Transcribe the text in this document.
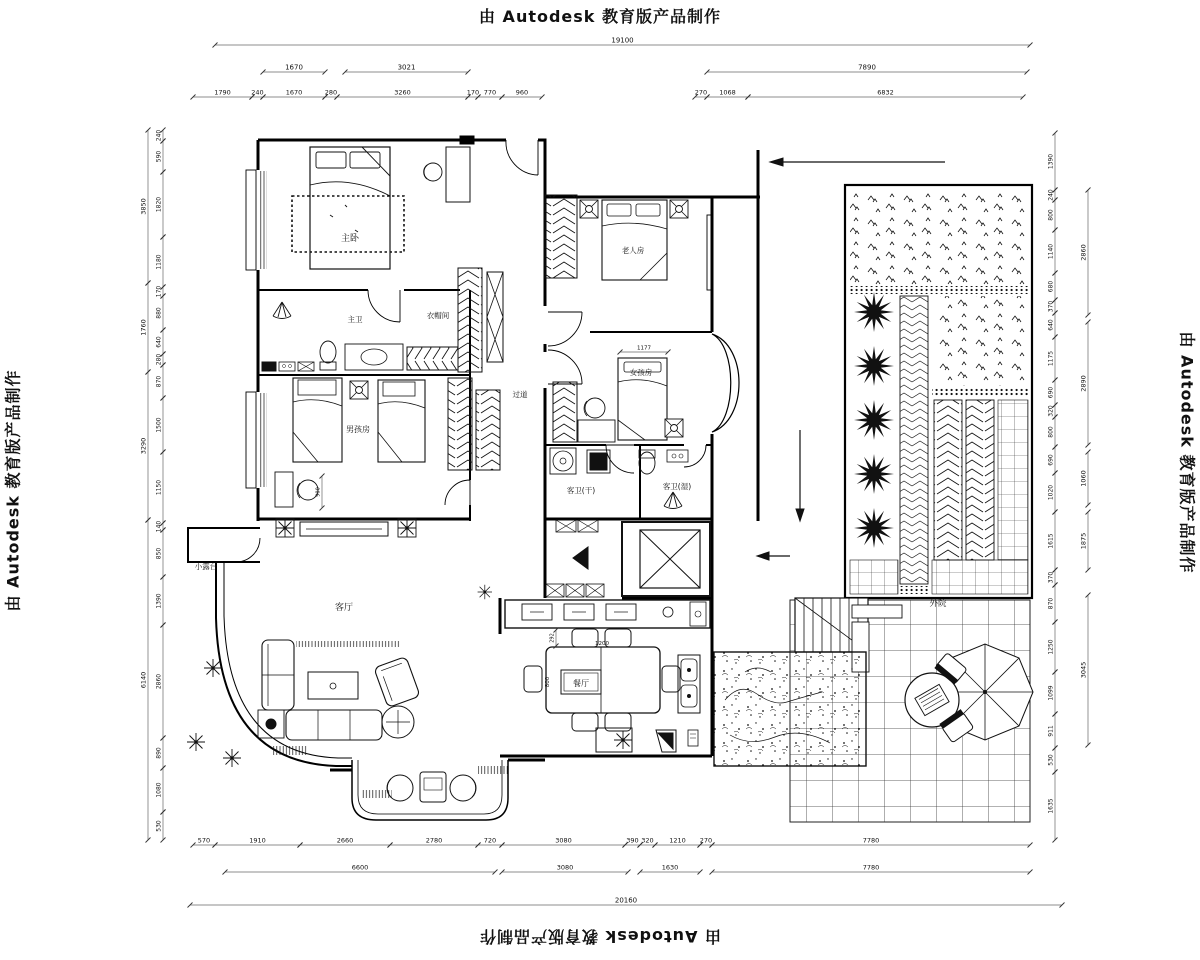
由 Autodesk 教育版产品制作
由 Autodesk 教育版产品制作
由 Autodesk 教育版产品制作	由 Autodesk 教育版产品制作
主卧
主卫	衣帽间
男孩房
过道
老人房
女孩房
客卫(干)	客卫(湿)
客厅
餐厅
小露台
外院
19100
1670	3021	7890
1790	240	1670	280	3260	170 770	960	270 1068	6832
570	1910	2660	2780	720	3080	390 320 1210 270	7780
6600	3080	1630	7780
20160
3850
1760
3290
6140
240
590
1820
1180
170
880
640
280
870
1500
1150
140
850
1390
2860
890
1080
530
1390
240
800
1140
680
370
640
1175
690
320
800
690
1020
1615
370
870
1250
1099
911
530
1635
2860
2890
1060
1875
3045
1177
292
900
1200
800
